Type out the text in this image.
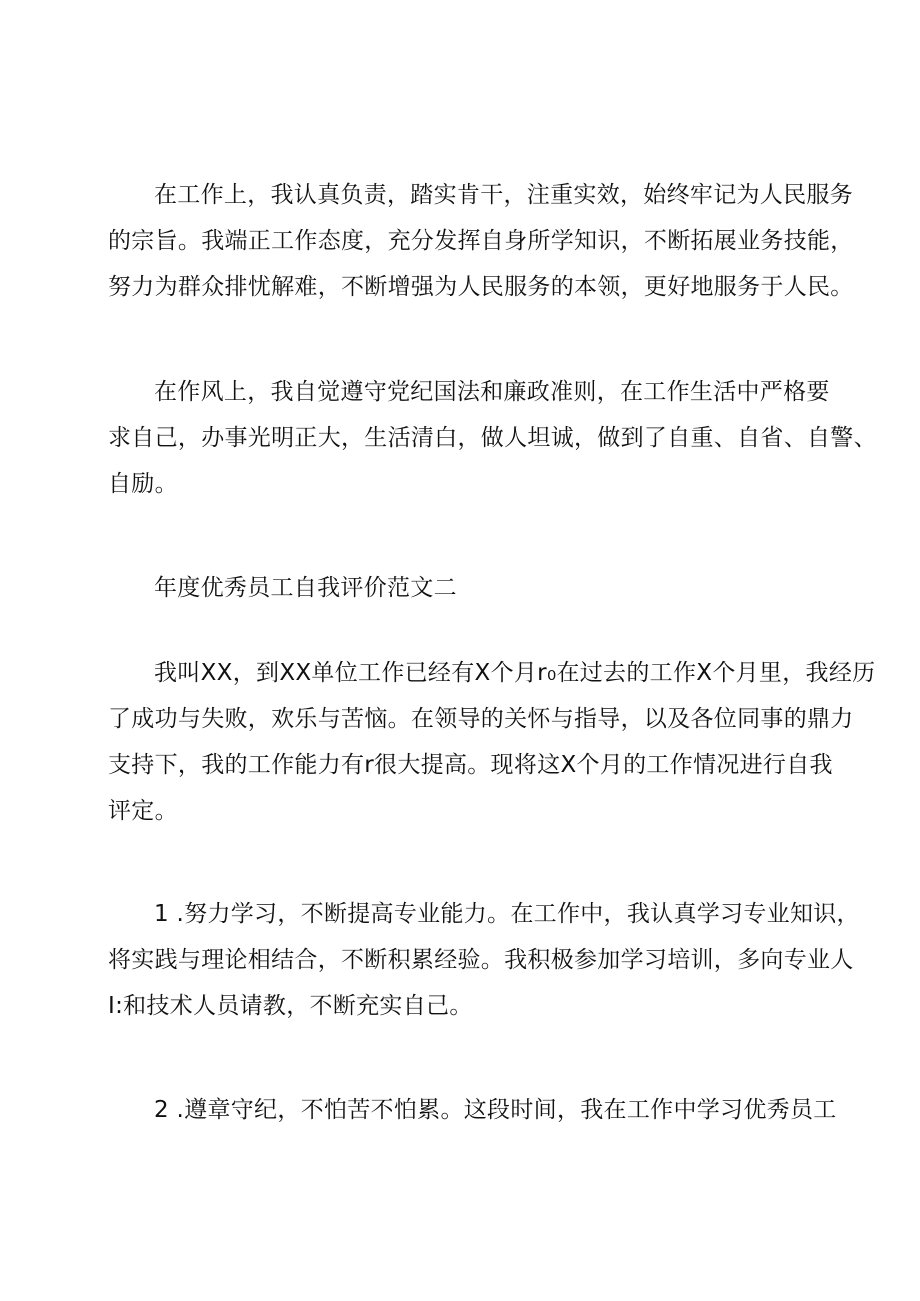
在工作上，我认真负责，踏实肯干，注重实效，始终牢记为人民服务
的宗旨。我端正工作态度，充分发挥自身所学知识，不断拓展业务技能，
努力为群众排忧解难，不断增强为人民服务的本领，更好地服务于人民。

在作风上，我自觉遵守党纪国法和廉政准则，在工作生活中严格要
求自己，办事光明正大，生活清白，做人坦诚，做到了自重、自省、自警、
自励。

年度优秀员工自我评价范文二

我叫XX，到XX单位工作已经有X个月r₀在过去的工作X个月里，我经历
了成功与失败，欢乐与苦恼。在领导的关怀与指导，以及各位同事的鼎力
支持下，我的工作能力有r很大提高。现将这X个月的工作情况进行自我
评定。

1 .努力学习，不断提高专业能力。在工作中，我认真学习专业知识，
将实践与理论相结合，不断积累经验。我积极参加学习培训，多向专业人
I:和技术人员请教，不断充实自己。

2 .遵章守纪，不怕苦不怕累。这段时间，我在工作中学习优秀员工
